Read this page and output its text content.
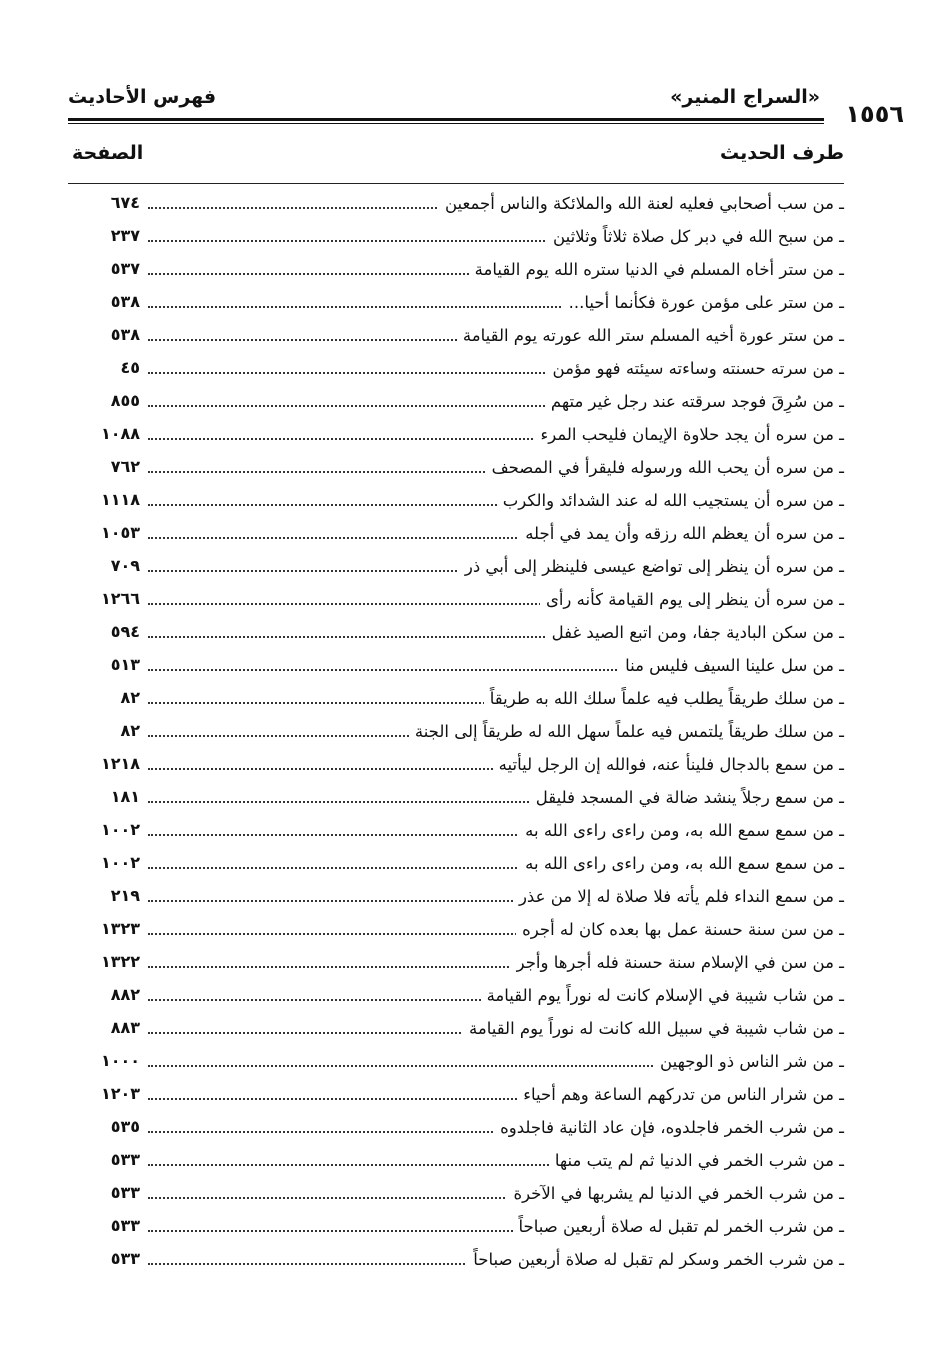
١٥٥٦
«السراج المنير»
فهرس الأحاديث
طرف الحديث
الصفحة
ـ من سب أصحابي فعليه لعنة الله والملائكة والناس أجمعين
٦٧٤
ـ من سبح الله في دبر كل صلاة ثلاثاً وثلاثين
٢٣٧
ـ من ستر أخاه المسلم في الدنيا ستره الله يوم القيامة
٥٣٧
ـ من ستر على مؤمن عورة فكأنما أحيا...
٥٣٨
ـ من ستر عورة أخيه المسلم ستر الله عورته يوم القيامة
٥٣٨
ـ من سرته حسنته وساءته سيئته فهو مؤمن
٤٥
ـ من سُرِقَ فوجد سرقته عند رجل غير متهم
٨٥٥
ـ من سره أن يجد حلاوة الإيمان فليحب المرء
١٠٨٨
ـ من سره أن يحب الله ورسوله فليقرأ في المصحف
٧٦٢
ـ من سره أن يستجيب الله له عند الشدائد والكرب
١١١٨
ـ من سره أن يعظم الله رزقه وأن يمد في أجله
١٠٥٣
ـ من سره أن ينظر إلى تواضع عيسى فلينظر إلى أبي ذر
٧٠٩
ـ من سره أن ينظر إلى يوم القيامة كأنه رأى
١٢٦٦
ـ من سكن البادية جفا، ومن اتبع الصيد غفل
٥٩٤
ـ من سل علينا السيف فليس منا
٥١٣
ـ من سلك طريقاً يطلب فيه علماً سلك الله به طريقاً
٨٢
ـ من سلك طريقاً يلتمس فيه علماً سهل الله له طريقاً إلى الجنة
٨٢
ـ من سمع بالدجال فلينأ عنه، فوالله إن الرجل ليأتيه
١٢١٨
ـ من سمع رجلاً ينشد ضالة في المسجد فليقل
١٨١
ـ من سمع سمع الله به، ومن راءى راءى الله به
١٠٠٢
ـ من سمع سمع الله به، ومن راءى راءى الله به
١٠٠٢
ـ من سمع النداء فلم يأته فلا صلاة له إلا من عذر
٢١٩
ـ من سن سنة حسنة عمل بها بعده كان له أجره
١٣٢٣
ـ من سن في الإسلام سنة حسنة فله أجرها وأجر
١٣٢٢
ـ من شاب شيبة في الإسلام كانت له نوراً يوم القيامة
٨٨٢
ـ من شاب شيبة في سبيل الله كانت له نوراً يوم القيامة
٨٨٣
ـ من شر الناس ذو الوجهين
١٠٠٠
ـ من شرار الناس من تدركهم الساعة وهم أحياء
١٢٠٣
ـ من شرب الخمر فاجلدوه، فإن عاد الثانية فاجلدوه
٥٣٥
ـ من شرب الخمر في الدنيا ثم لم يتب منها
٥٣٣
ـ من شرب الخمر في الدنيا لم يشربها في الآخرة
٥٣٣
ـ من شرب الخمر لم تقبل له صلاة أربعين صباحاً
٥٣٣
ـ من شرب الخمر وسكر لم تقبل له صلاة أربعين صباحاً
٥٣٣
